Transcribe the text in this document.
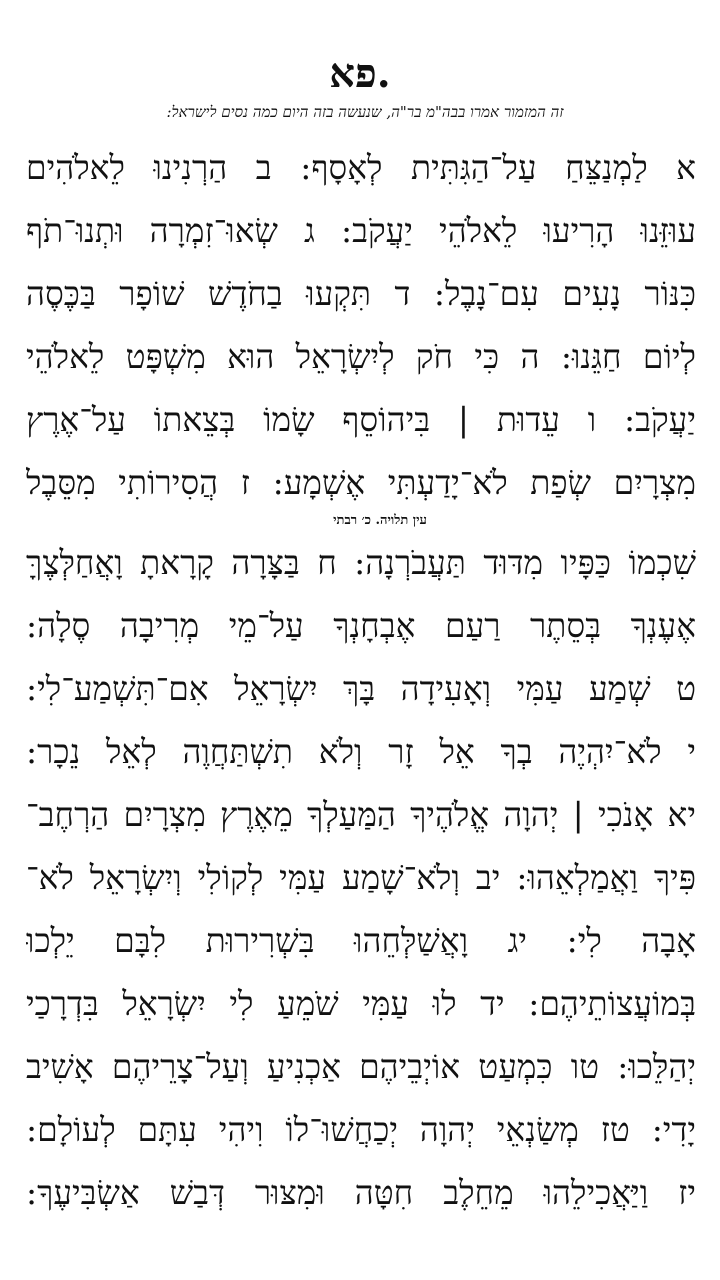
פא.
זה המזמור אמרו בבה"מ בר"ה, שנעשה בזה היום כמה נסים לישראל:
א לַמְנַצֵּחַ עַל־הַגִּתִּית לְאָסָף: ב הַרְנִינוּ לֵאלֹהִים
עוּזֵּנוּ הָרִיעוּ לֵאלֹהֵי יַעֲקֹב: ג שְׂאוּ־זִמְרָה וּתְנוּ־תֹף
כִּנּוֹר נָעִים עִם־נָבֶל: ד תִּקְעוּ בַחֹדֶשׁ שׁוֹפָר בַּכֶּסֶה
לְיוֹם חַגֵּנוּ: ה כִּי חֹק לְיִשְׂרָאֵל הוּא מִשְׁפָּט לֵאלֹהֵי
יַעֲקֹב: ו עֵדוּת | בִּיהוֹסֵף שָׂמוֹ בְּצֵאתוֹ עַל־אֶרֶץ
מִצְרָיִם שְׂפַת לֹא־יָדַעְתִּי אֶשְׁמָע: ז הֲסִירוֹתִי מִסֵּבֶל
עין תלויה. כ׳ רבתי
שִׁכְמוֹ כַּפָּיו מִדּוּד תַּעֲבֹרְנָה: ח בַּצָּרָה קָרָאתָ וָאֲחַלְּצֶךָּ
אֶעֶנְךָ בְּסֵתֶר רַעַם אֶבְחָנְךָ עַל־מֵי מְרִיבָה סֶלָה:
ט שְׁמַע עַמִּי וְאָעִידָה בָּךְ יִשְׂרָאֵל אִם־תִּשְׁמַע־לִי:
י לֹא־יִהְיֶה בְךָ אֵל זָר וְלֹא תִשְׁתַּחֲוֶה לְאֵל נֵכָר:
יא אָנֹכִי | יְהוָה אֱלֹהֶיךָ הַמַּעַלְךָ מֵאֶרֶץ מִצְרָיִם הַרְחֶב־
פִּיךָ וַאֲמַלְאֵהוּ: יב וְלֹא־שָׁמַע עַמִּי לְקוֹלִי וְיִשְׂרָאֵל לֹא־
אָבָה לִי: יג וָאֲשַׁלְּחֵהוּ בִּשְׁרִירוּת לִבָּם יֵלְכוּ
בְּמוֹעֲצוֹתֵיהֶם: יד לוּ עַמִּי שֹׁמֵעַ לִי יִשְׂרָאֵל בִּדְרָכַי
יְהַלֵּכוּ: טו כִּמְעַט אוֹיְבֵיהֶם אַכְנִיעַ וְעַל־צָרֵיהֶם אָשִׁיב
יָדִי: טז מְשַׂנְאֵי יְהוָה יְכַחֲשׁוּ־לוֹ וִיהִי עִתָּם לְעוֹלָם:
יז וַיַּאֲכִילֵהוּ מֵחֵלֶב חִטָּה וּמִצּוּר דְּבַשׁ אַשְׂבִּיעֶךָ:
